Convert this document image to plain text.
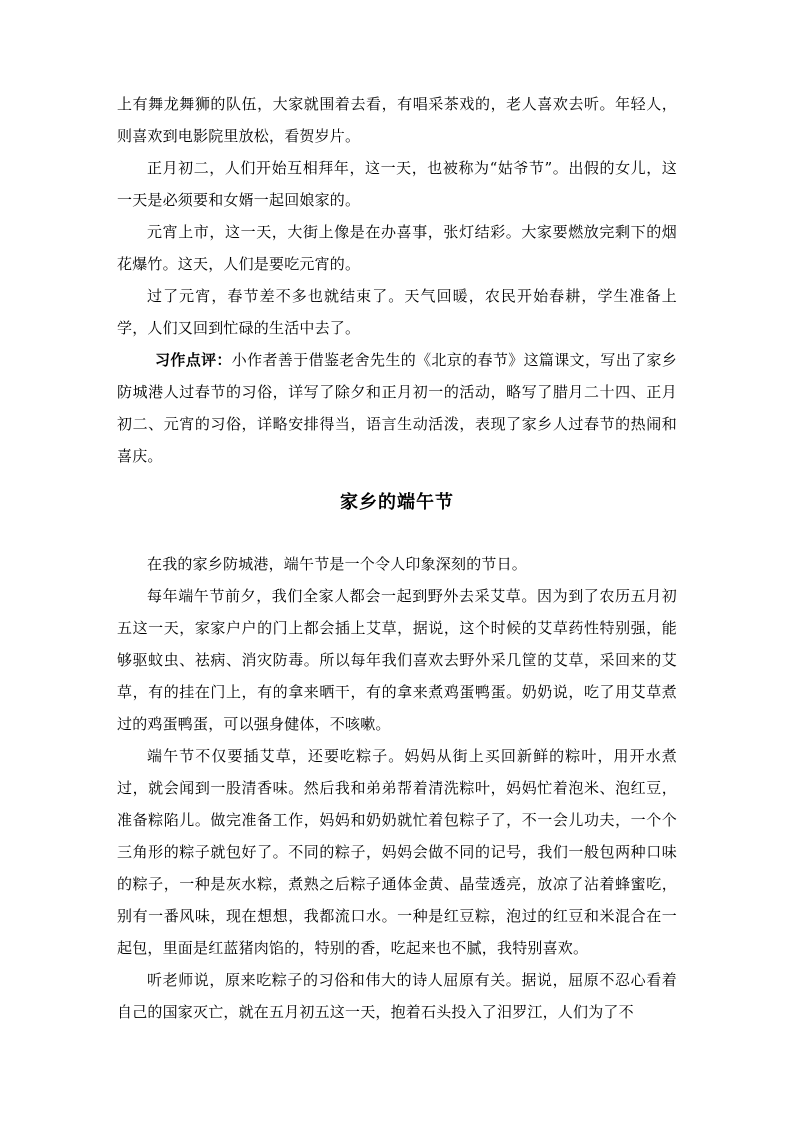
上有舞龙舞狮的队伍，大家就围着去看，有唱采茶戏的，老人喜欢去听。年轻人，则喜欢到电影院里放松，看贺岁片。

正月初二，人们开始互相拜年，这一天，也被称为“姑爷节”。出假的女儿，这一天是必须要和女婿一起回娘家的。

元宵上市，这一天，大街上像是在办喜事，张灯结彩。大家要燃放完剩下的烟花爆竹。这天，人们是要吃元宵的。

过了元宵，春节差不多也就结束了。天气回暖，农民开始春耕，学生准备上学，人们又回到忙碌的生活中去了。

习作点评：小作者善于借鉴老舍先生的《北京的春节》这篇课文，写出了家乡防城港人过春节的习俗，详写了除夕和正月初一的活动，略写了腊月二十四、正月初二、元宵的习俗，详略安排得当，语言生动活泼，表现了家乡人过春节的热闹和喜庆。

家乡的端午节

在我的家乡防城港，端午节是一个令人印象深刻的节日。

每年端午节前夕，我们全家人都会一起到野外去采艾草。因为到了农历五月初五这一天，家家户户的门上都会插上艾草，据说，这个时候的艾草药性特别强，能够驱蚊虫、祛病、消灾防毒。所以每年我们喜欢去野外采几筐的艾草，采回来的艾草，有的挂在门上，有的拿来晒干，有的拿来煮鸡蛋鸭蛋。奶奶说，吃了用艾草煮过的鸡蛋鸭蛋，可以强身健体，不咳嗽。

端午节不仅要插艾草，还要吃粽子。妈妈从街上买回新鲜的粽叶，用开水煮过，就会闻到一股清香味。然后我和弟弟帮着清洗粽叶，妈妈忙着泡米、泡红豆，准备粽陷儿。做完准备工作，妈妈和奶奶就忙着包粽子了，不一会儿功夫，一个个三角形的粽子就包好了。不同的粽子，妈妈会做不同的记号，我们一般包两种口味的粽子，一种是灰水粽，煮熟之后粽子通体金黄、晶莹透亮，放凉了沾着蜂蜜吃，别有一番风味，现在想想，我都流口水。一种是红豆粽，泡过的红豆和米混合在一起包，里面是红蓝猪肉馅的，特别的香，吃起来也不腻，我特别喜欢。

听老师说，原来吃粽子的习俗和伟大的诗人屈原有关。据说，屈原不忍心看着自己的国家灭亡，就在五月初五这一天，抱着石头投入了汨罗江，人们为了不
